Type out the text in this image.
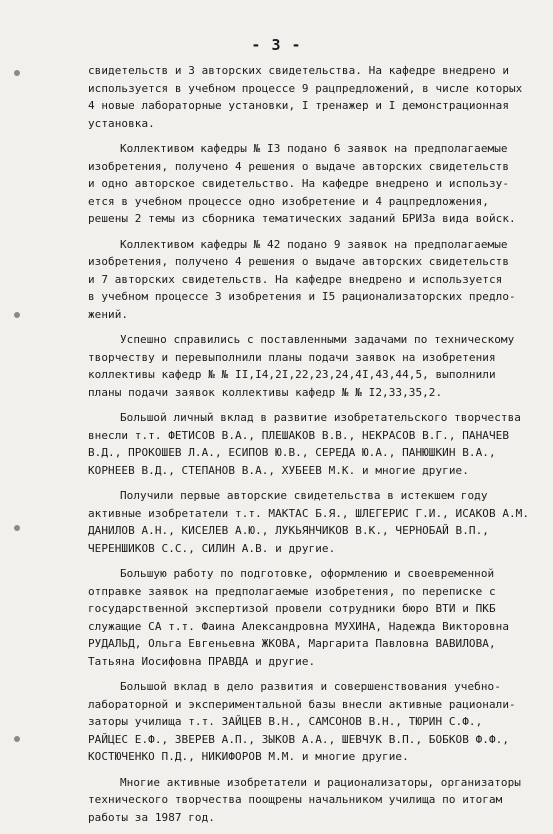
- 3 -
свидетельств и 3 авторских свидетельства. На кафедре внедрено и
используется в учебном процессе 9 рацпредложений, в числе которых
4 новые лабораторные установки, I тренажер и I демонстрационная
установка.
Коллективом кафедры № I3 подано 6 заявок на предполагаемые
изобретения, получено 4 решения о выдаче авторских свидетельств
и одно авторское свидетельство. На кафедре внедрено и использу-
ется в учебном процессе одно изобретение и 4 рацпредложения,
решены 2 темы из сборника тематических заданий БРИЗа вида войск.
Коллективом кафедры № 42 подано 9 заявок на предполагаемые
изобретения, получено 4 решения о выдаче авторских свидетельств
и 7 авторских свидетельств. На кафедре внедрено и используется
в учебном процессе 3 изобретения и I5 рационализаторских предло-
жений.
Успешно справились с поставленными задачами по техническому
творчеству и перевыполнили планы подачи заявок на изобретения
коллективы кафедр № № II,I4,2I,22,23,24,4I,43,44,5, выполнили
планы подачи заявок коллективы кафедр № № I2,33,35,2.
Большой личный вклад в развитие изобретательского творчества
внесли т.т. ФЕТИСОВ В.А., ПЛЕШАКОВ В.В., НЕКРАСОВ В.Г., ПАНАЧЕВ
В.Д., ПРОКОШЕВ Л.А., ЕСИПОВ Ю.В., СЕРЕДА Ю.А., ПАНЮШКИН В.А.,
КОРНЕЕВ В.Д., СТЕПАНОВ В.А., ХУБЕЕВ М.К. и многие другие.
Получили первые авторские свидетельства в истекшем году
активные изобретатели т.т. МАКТАС Б.Я., ШЛЕГЕРИС Г.И., ИСАКОВ А.М.
ДАНИЛОВ А.Н., КИСЕЛЕВ А.Ю., ЛУКЬЯНЧИКОВ В.К., ЧЕРНОБАЙ В.П.,
ЧЕРЕНШИКОВ С.С., СИЛИН А.В. и другие.
Большую работу по подготовке, оформлению и своевременной
отправке заявок на предполагаемые изобретения, по переписке с
государственной экспертизой провели сотрудники бюро ВТИ и ПКБ
служащие СА т.т. Фаина Александровна МУХИНА, Надежда Викторовна
РУДАЛЬД, Ольга Евгеньевна ЖКОВА, Маргарита Павловна ВАВИЛОВА,
Татьяна Иосифовна ПРАВДА и другие.
Большой вклад в дело развития и совершенствования учебно-
лабораторной и экспериментальной базы внесли активные рационали-
заторы училища т.т. ЗАЙЦЕВ В.Н., САМСОНОВ В.Н., ТЮРИН С.Ф.,
РАЙЦЕС Е.Ф., ЗВЕРЕВ А.П., ЗЫКОВ А.А., ШЕВЧУК В.П., БОБКОВ Ф.Ф.,
КОСТЮЧЕНКО П.Д., НИКИФОРОВ М.М. и многие другие.
Многие активные изобретатели и рационализаторы, организаторы
технического творчества поощрены начальником училища по итогам
работы за 1987 год.
